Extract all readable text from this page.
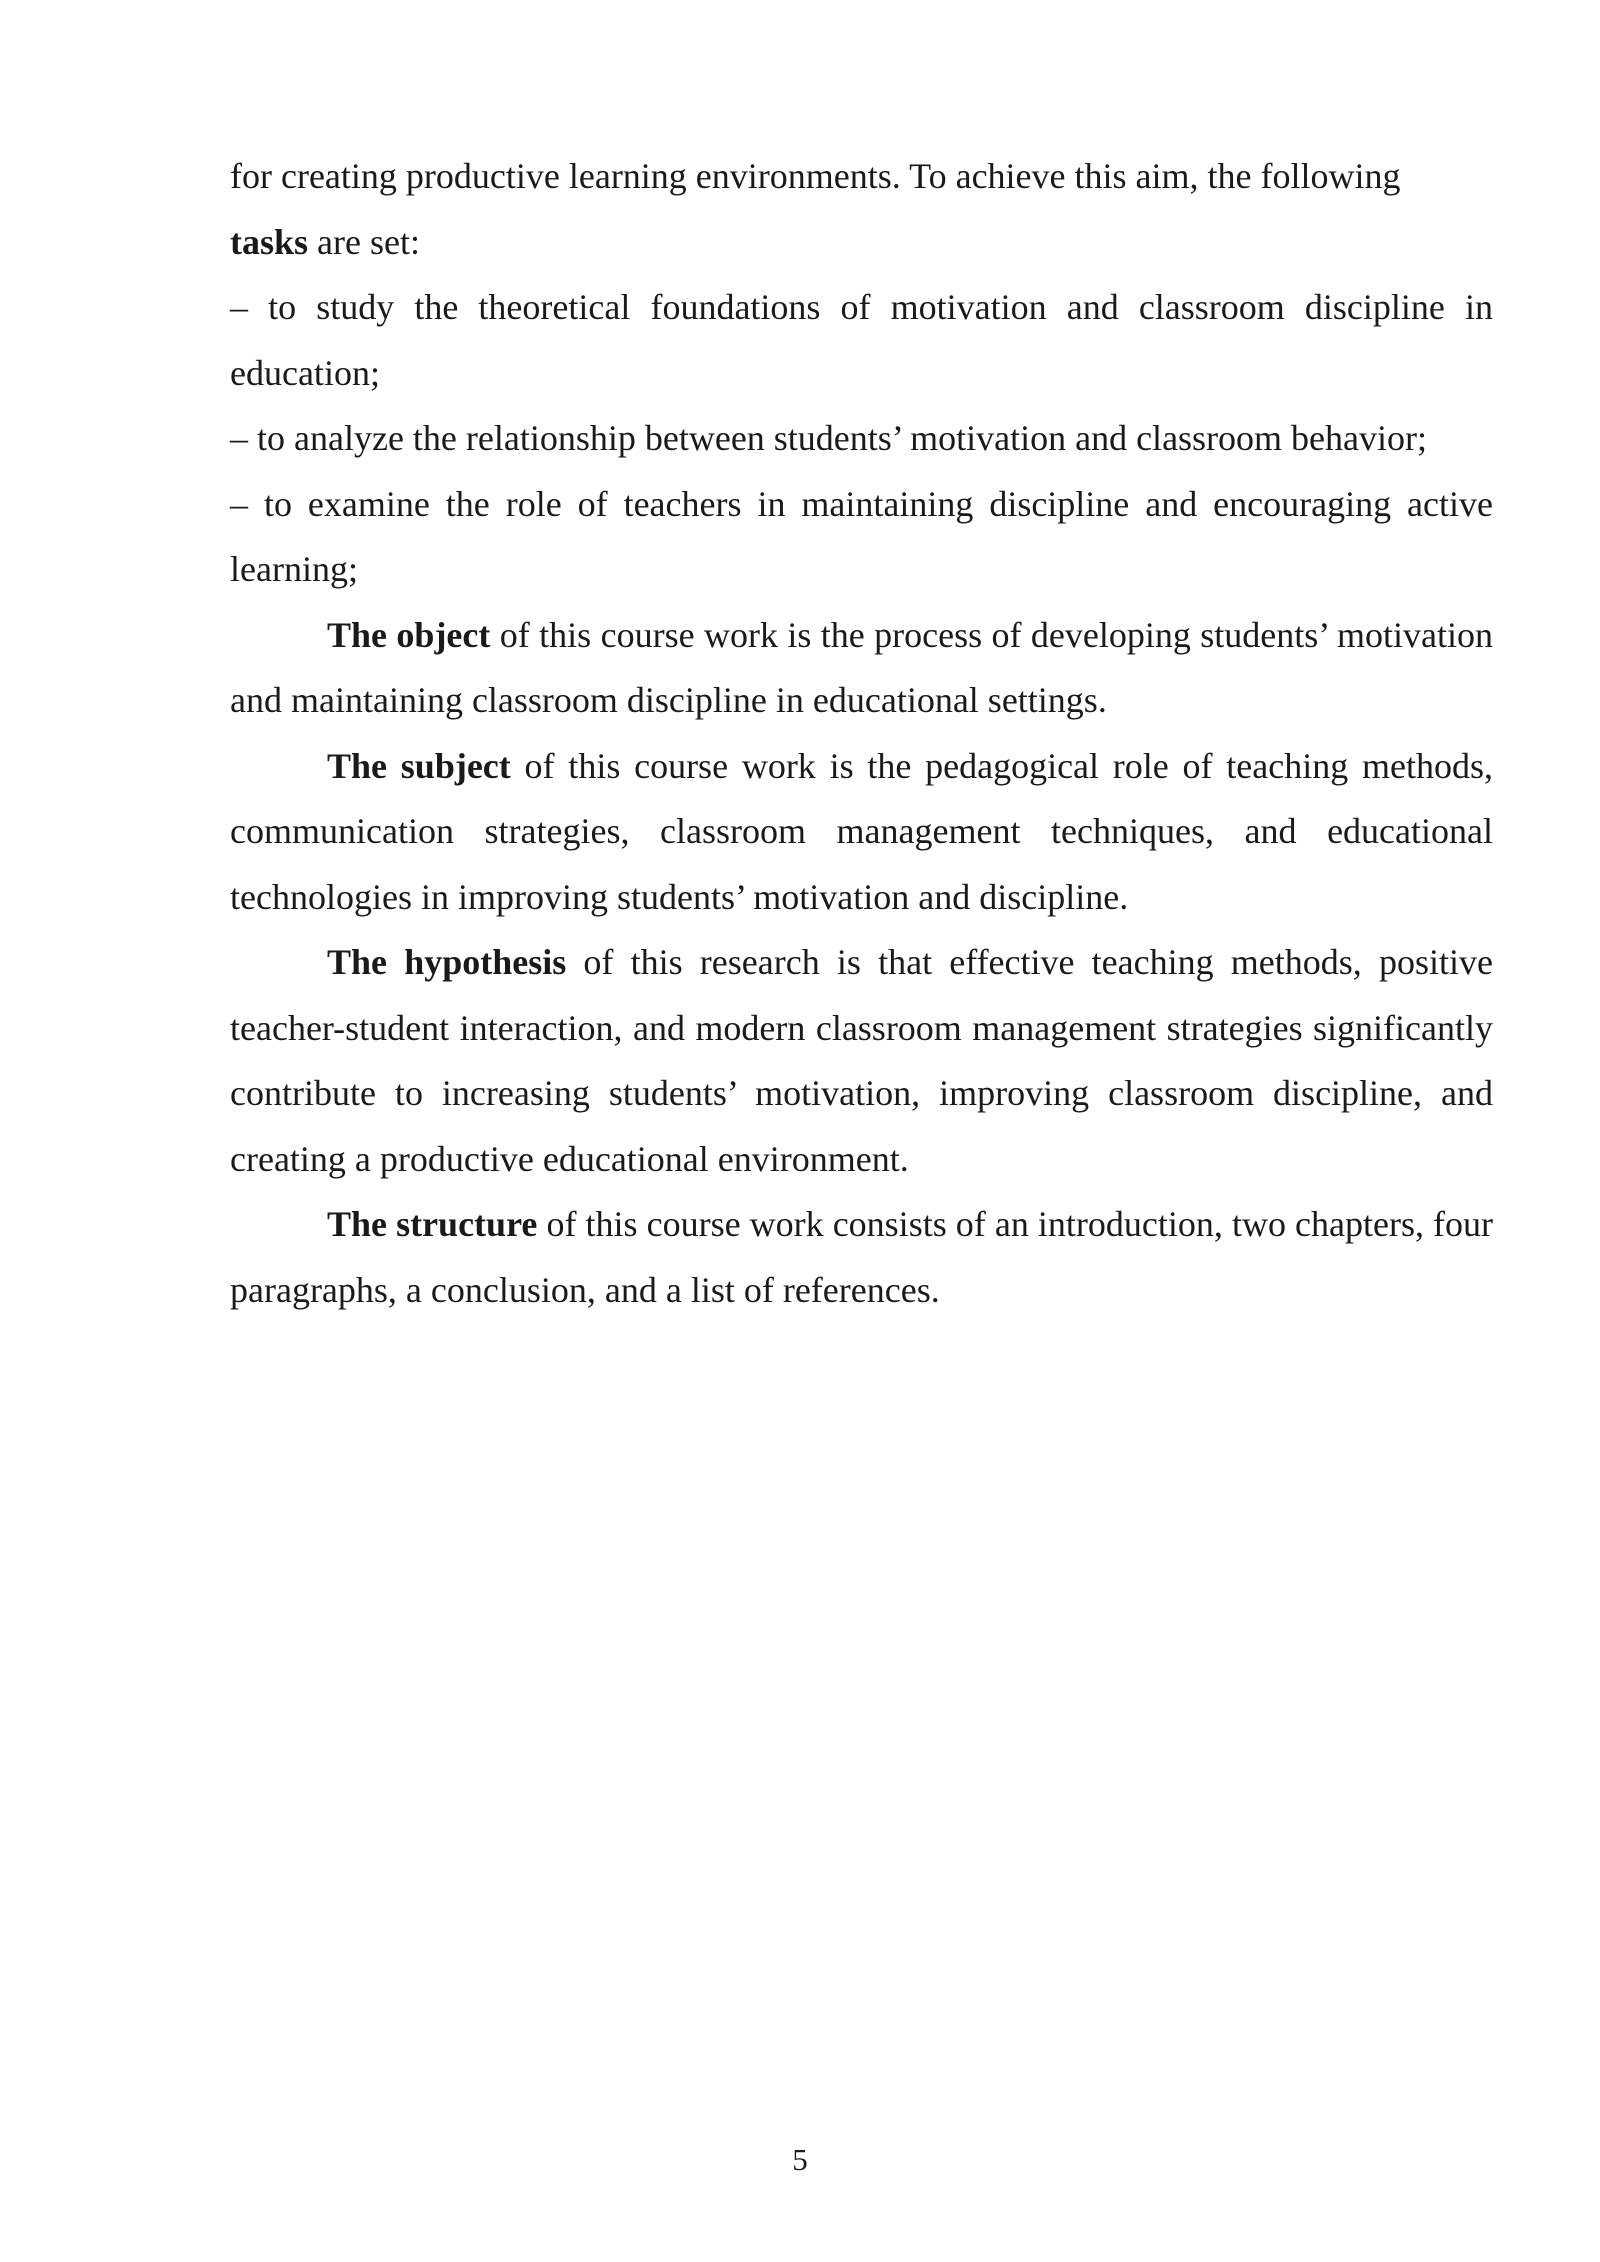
for creating productive learning environments. To achieve this aim, the following
tasks are set:

– to study the theoretical foundations of motivation and classroom discipline in education;

– to analyze the relationship between students’ motivation and classroom behavior;

– to examine the role of teachers in maintaining discipline and encouraging active learning;

The object of this course work is the process of developing students’ motivation and maintaining classroom discipline in educational settings.

The subject of this course work is the pedagogical role of teaching methods, communication strategies, classroom management techniques, and educational technologies in improving students’ motivation and discipline.

The hypothesis of this research is that effective teaching methods, positive teacher-student interaction, and modern classroom management strategies significantly contribute to increasing students’ motivation, improving classroom discipline, and creating a productive educational environment.

The structure of this course work consists of an introduction, two chapters, four paragraphs, a conclusion, and a list of references.

5
